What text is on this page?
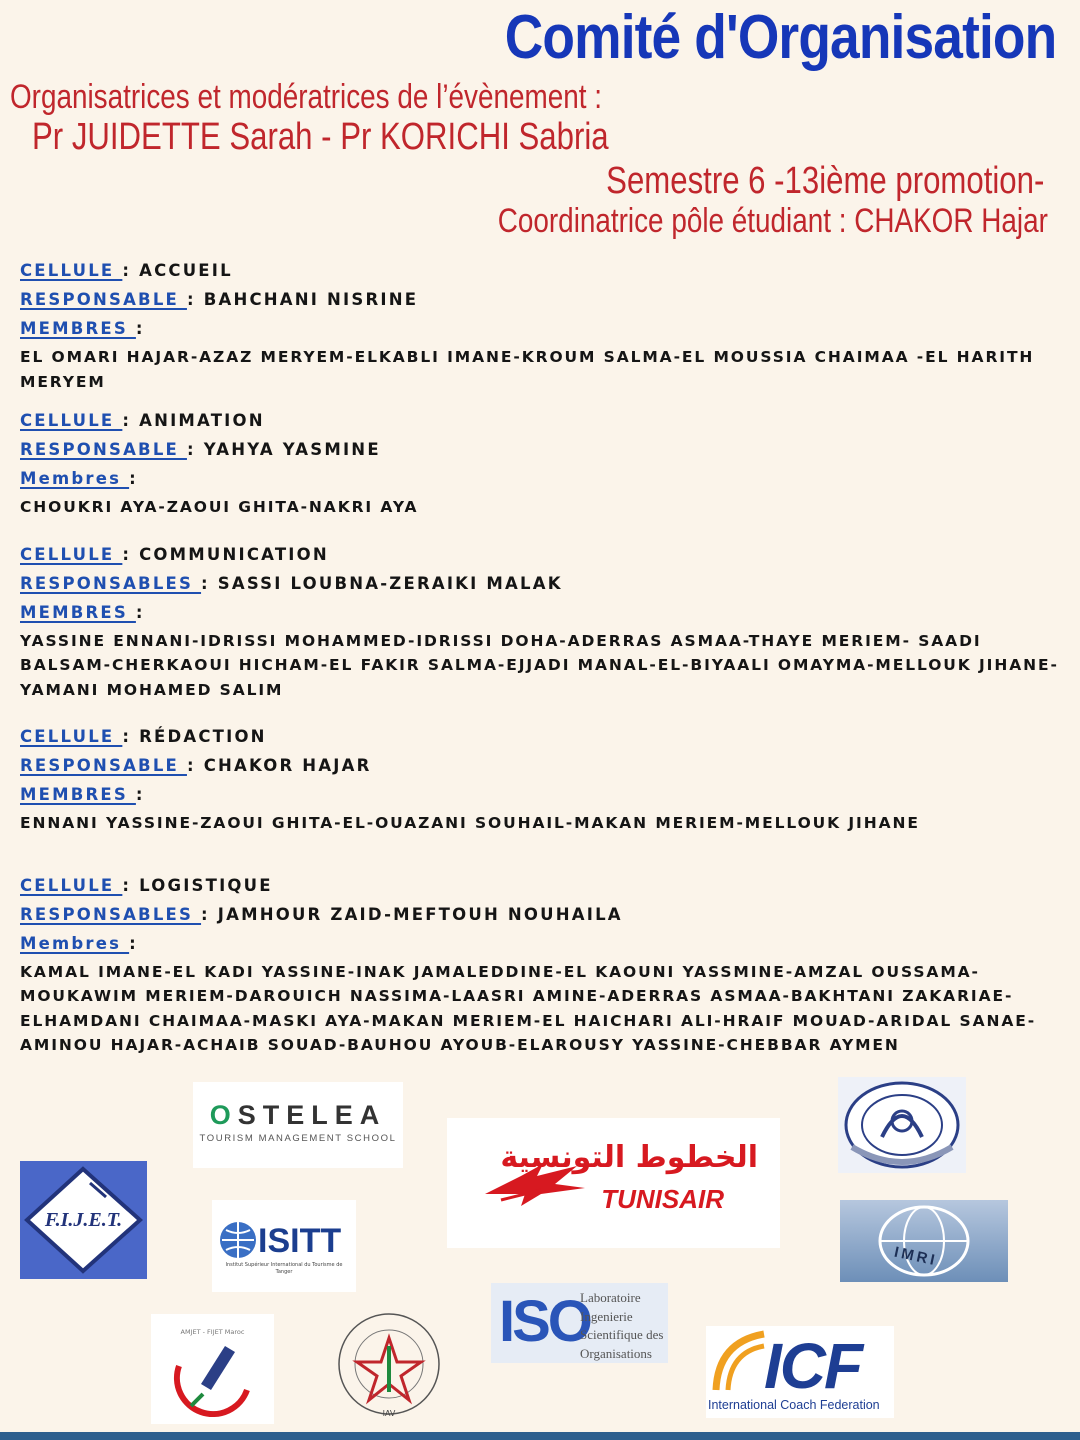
Comité d'Organisation
Organisatrices et modératrices de l’évènement :
Pr JUIDETTE Sarah - Pr KORICHI Sabria
Semestre 6 -13ième promotion-
Coordinatrice pôle étudiant : CHAKOR Hajar
CELLULE : ACCUEIL
RESPONSABLE : BAHCHANI NISRINE
MEMBRES :
EL OMARI HAJAR-AZAZ MERYEM-ELKABLI IMANE-KROUM SALMA-EL MOUSSIA CHAIMAA -EL HARITH MERYEM
CELLULE : ANIMATION
RESPONSABLE : YAHYA YASMINE
Membres :
CHOUKRI AYA-ZAOUI GHITA-NAKRI AYA
CELLULE : COMMUNICATION
RESPONSABLES : SASSI LOUBNA-ZERAIKI MALAK
MEMBRES :
YASSINE ENNANI-IDRISSI MOHAMMED-IDRISSI DOHA-ADERRAS ASMAA-THAYE MERIEM- SAADI BALSAM-CHERKAOUI HICHAM-EL FAKIR SALMA-EJJADI MANAL-EL-BIYAALI OMAYMA-MELLOUK JIHANE-YAMANI MOHAMED SALIM
CELLULE : RÉDACTION
RESPONSABLE : CHAKOR HAJAR
MEMBRES :
ENNANI YASSINE-ZAOUI GHITA-EL-OUAZANI SOUHAIL-MAKAN MERIEM-MELLOUK JIHANE
CELLULE : LOGISTIQUE
RESPONSABLES : JAMHOUR ZAID-MEFTOUH NOUHAILA
Membres :
KAMAL IMANE-EL KADI YASSINE-INAK JAMALEDDINE-EL KAOUNI YASSMINE-AMZAL OUSSAMA-MOUKAWIM MERIEM-DAROUICH NASSIMA-LAASRI AMINE-ADERRAS ASMAA-BAKHTANI ZAKARIAE-ELHAMDANI CHAIMAA-MASKI AYA-MAKAN MERIEM-EL HAICHARI ALI-HRAIF MOUAD-ARIDAL SANAE-AMINOU HAJAR-ACHAIB SOUAD-BAUHOU AYOUB-ELAROUSY YASSINE-CHEBBAR AYMEN
OSTELEA
TOURISM MANAGEMENT SCHOOL
الخطوط التونسية
TUNISAIR
F.I.J.E.T.
ISITT
Institut Supérieur International du Tourisme de Tanger
IMRI
ISO
Laboratoire Ingenierie Scientifique des Organisations
AMJET - FIJET Maroc
IAV
ICF
International Coach Federation
